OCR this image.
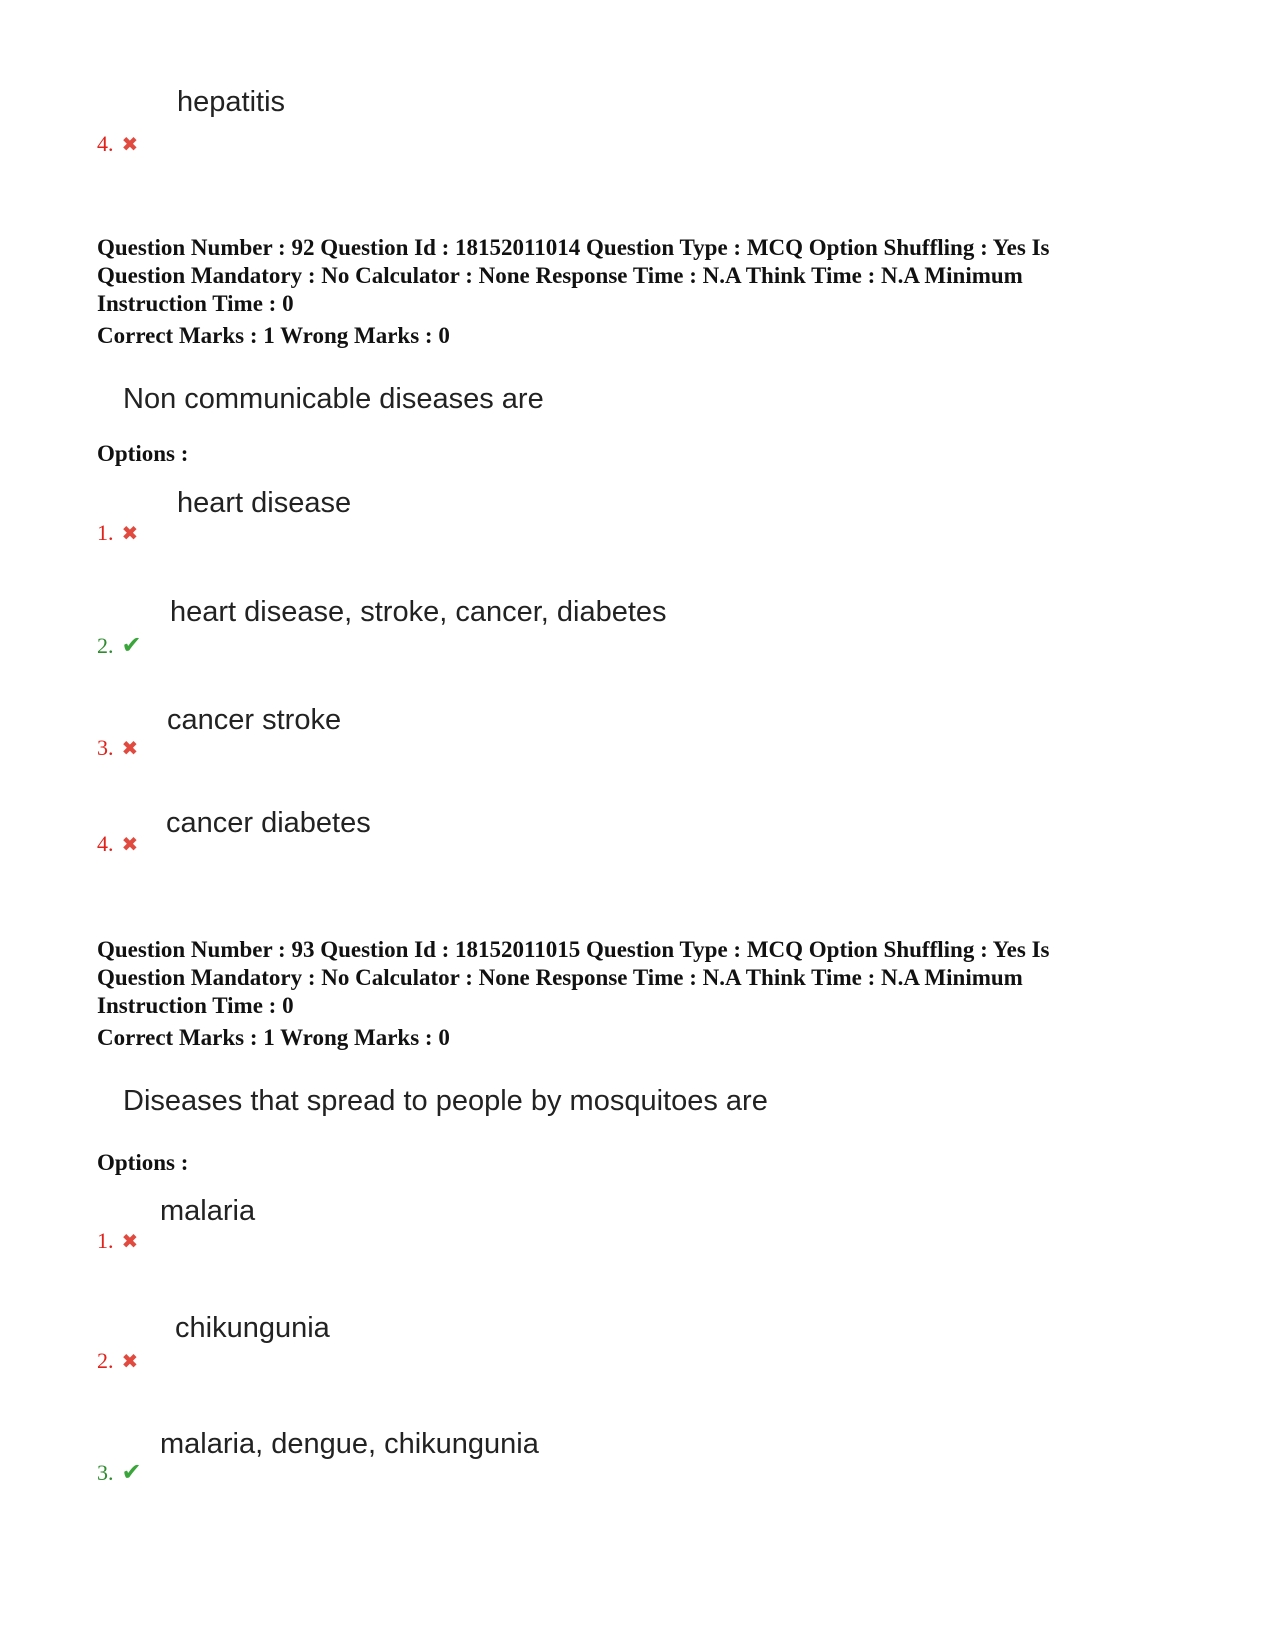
hepatitis
4. ✖
Question Number : 92 Question Id : 18152011014 Question Type : MCQ Option Shuffling : Yes Is Question Mandatory : No Calculator : None Response Time : N.A Think Time : N.A Minimum Instruction Time : 0
Correct Marks : 1 Wrong Marks : 0
Non communicable diseases are
Options :
heart disease
1. ✖
heart disease, stroke, cancer, diabetes
2. ✔
cancer stroke
3. ✖
cancer diabetes
4. ✖
Question Number : 93 Question Id : 18152011015 Question Type : MCQ Option Shuffling : Yes Is Question Mandatory : No Calculator : None Response Time : N.A Think Time : N.A Minimum Instruction Time : 0
Correct Marks : 1 Wrong Marks : 0
Diseases that spread to people by mosquitoes are
Options :
malaria
1. ✖
chikungunia
2. ✖
malaria, dengue, chikungunia
3. ✔
